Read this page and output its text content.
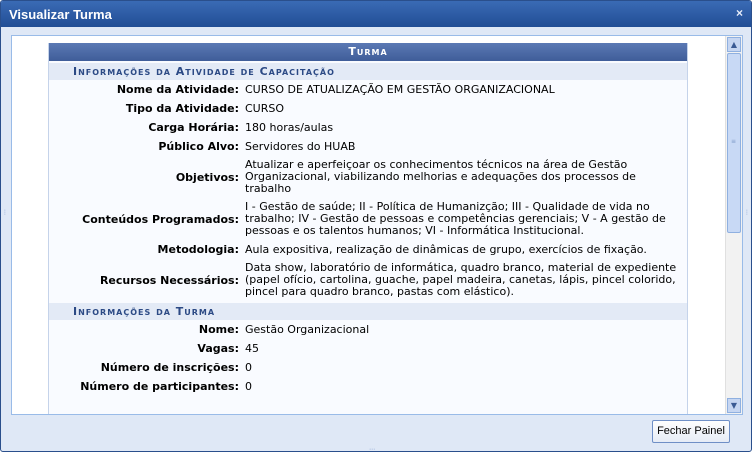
Visualizar Turma	×
⋮	⋮
Turma
Informações da Atividade de Capacitação
Nome da Atividade: CURSO DE ATUALIZAÇÃO EM GESTÃO ORGANIZACIONAL
Tipo da Atividade: CURSO
Carga Horária: 180 horas/aulas
Público Alvo: Servidores do HUAB
Objetivos:
Atualizar e aperfeiçoar os conhecimentos técnicos na área de Gestão Organizacional, viabilizando melhorias e adequações dos processos de trabalho
Conteúdos Programados:
I - Gestão de saúde; II - Política de Humanizção; III - Qualidade de vida no trabalho; IV - Gestão de pessoas e competências gerenciais; V - A gestão de pessoas e os talentos humanos; VI - Informática Institucional.
Metodologia: Aula expositiva, realização de dinâmicas de grupo, exercícios de fixação.
Recursos Necessários:
Data show, laboratório de informática, quadro branco, material de expediente (papel ofício, cartolina, guache, papel madeira, canetas, lápis, pincel colorido, pincel para quadro branco, pastas com elástico).
Informações da Turma
Nome: Gestão Organizacional
Vagas: 45
Número de inscrições: 0
Número de participantes: 0
▲
≡
▼
Fechar Painel
⋯
